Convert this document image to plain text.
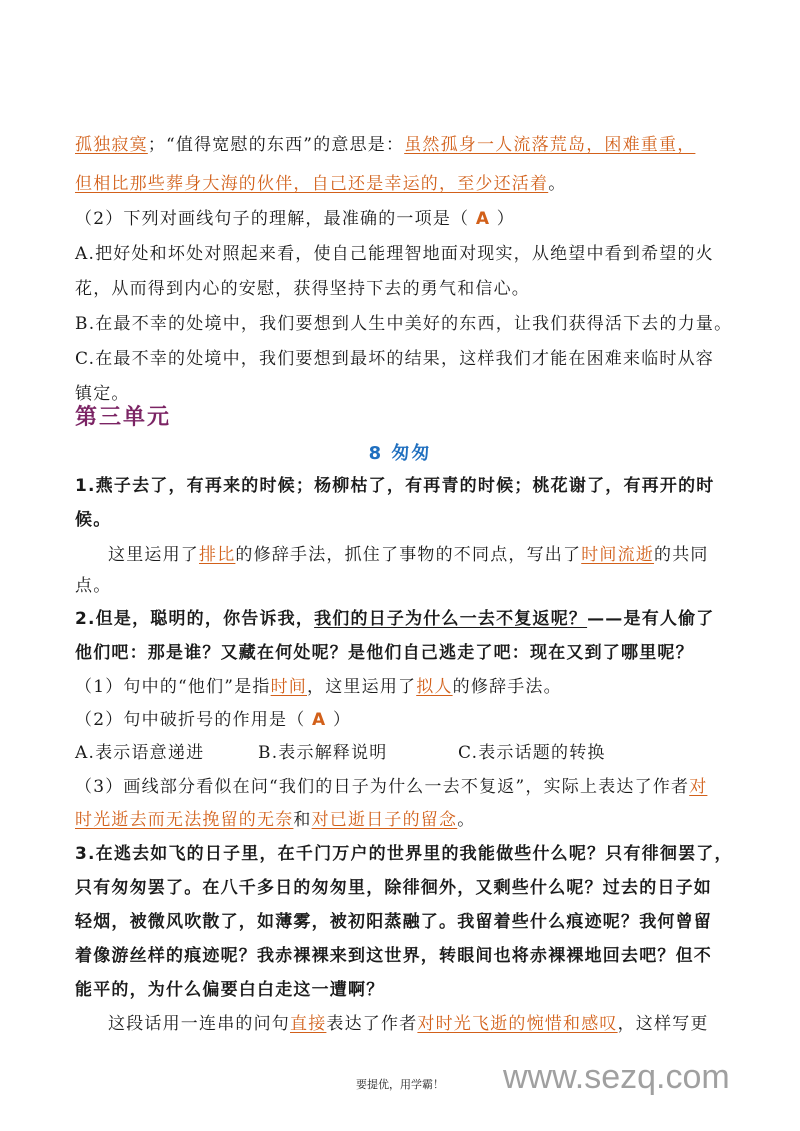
孤独寂寞；“值得宽慰的东西”的意思是：虽然孤身一人流落荒岛，困难重重，
但相比那些葬身大海的伙伴，自己还是幸运的，至少还活着。
（2）下列对画线句子的理解，最准确的一项是（ A ）
A.把好处和坏处对照起来看，使自己能理智地面对现实，从绝望中看到希望的火
花，从而得到内心的安慰，获得坚持下去的勇气和信心。
B.在最不幸的处境中，我们要想到人生中美好的东西，让我们获得活下去的力量。
C.在最不幸的处境中，我们要想到最坏的结果，这样我们才能在困难来临时从容
镇定。
第三单元
8 匆匆
1.燕子去了，有再来的时候；杨柳枯了，有再青的时候；桃花谢了，有再开的时
候。
这里运用了排比的修辞手法，抓住了事物的不同点，写出了时间流逝的共同
点。
2.但是，聪明的，你告诉我，我们的日子为什么一去不复返呢？——是有人偷了
他们吧：那是谁？又藏在何处呢？是他们自己逃走了吧：现在又到了哪里呢？
（1）句中的“他们”是指时间，这里运用了拟人的修辞手法。
（2）句中破折号的作用是（ A ）
A.表示语意递进	B.表示解释说明	C.表示话题的转换
（3）画线部分看似在问“我们的日子为什么一去不复返”，实际上表达了作者对
时光逝去而无法挽留的无奈和对已逝日子的留念。
3.在逃去如飞的日子里，在千门万户的世界里的我能做些什么呢？只有徘徊罢了，
只有匆匆罢了。在八千多日的匆匆里，除徘徊外，又剩些什么呢？过去的日子如
轻烟，被微风吹散了，如薄雾，被初阳蒸融了。我留着些什么痕迹呢？我何曾留
着像游丝样的痕迹呢？我赤裸裸来到这世界，转眼间也将赤裸裸地回去吧？但不
能平的，为什么偏要白白走这一遭啊？
这段话用一连串的问句直接表达了作者对时光飞逝的惋惜和感叹，这样写更
要提优，用学霸！	www.sezq.com
